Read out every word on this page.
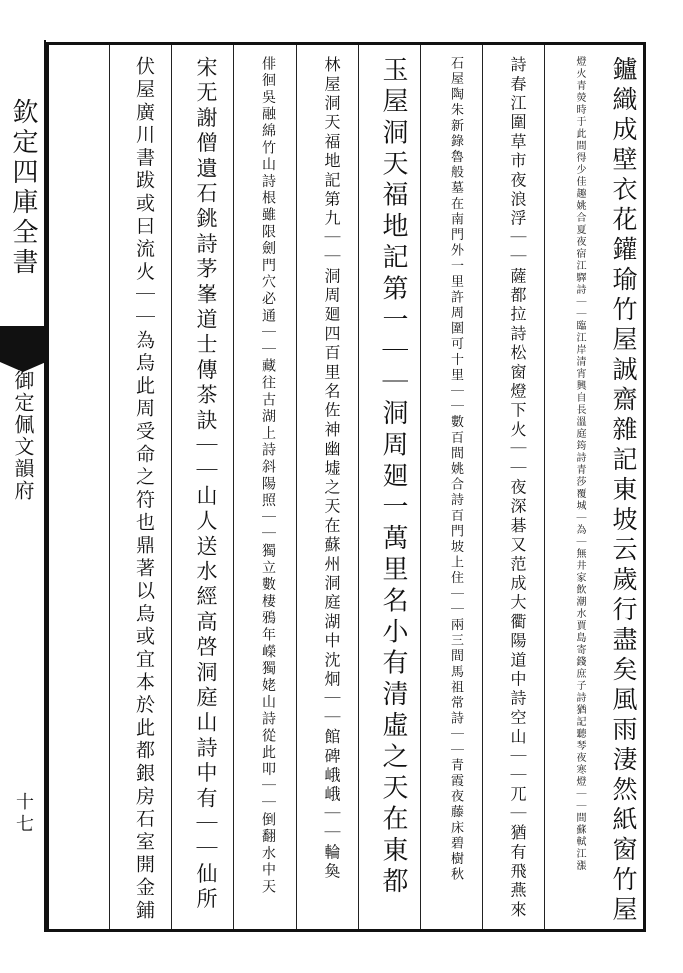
欽定四庫全書
御定佩文韻府
十七	鑪織成壁衣花鑵瑜竹屋誠齋雜記東坡云歲行盡矣風雨淒然紙窗竹屋
燈火青熒時于此間得少佳趣姚合夏夜宿江驛詩｜｜臨江岸清宵興自長溫庭筠詩青莎覆城｜為｜無井家飲潮水賈島寄錢庶子詩猶記聽琴夜寒燈｜｜間蘇軾江漲
詩春江圍草市夜浪浮｜｜薩都拉詩松窗燈下火｜｜夜深碁又范成大衢陽道中詩空山｜｜兀｜猶有飛燕來
石屋陶朱新錄魯般墓在南門外一里許周圍可十里｜｜數百間姚合詩百門坡上住｜｜兩三間馬祖常詩｜｜青霞夜藤床碧樹秋
玉屋洞天福地記第一｜｜洞周廻一萬里名小有清虛之天在東都
林屋洞天福地記第九｜｜洞周廻四百里名佐神幽墟之天在蘇州洞庭湖中沈炯｜｜館碑峨峨｜｜輪奐
俳徊吳融綿竹山詩根雖限劍門穴必通｜｜藏往古湖上詩斜陽照｜｜獨立數棲鴉年嶸獨姥山詩從此叩｜｜倒翻水中天
宋无謝僧遺石銚詩茅峯道士傳茶訣｜｜山人送水經高啓洞庭山詩中有｜｜仙所
伏屋廣川書跋或曰流火｜｜為烏此周受命之符也鼎著以烏或宜本於此都銀房石室開金鋪
